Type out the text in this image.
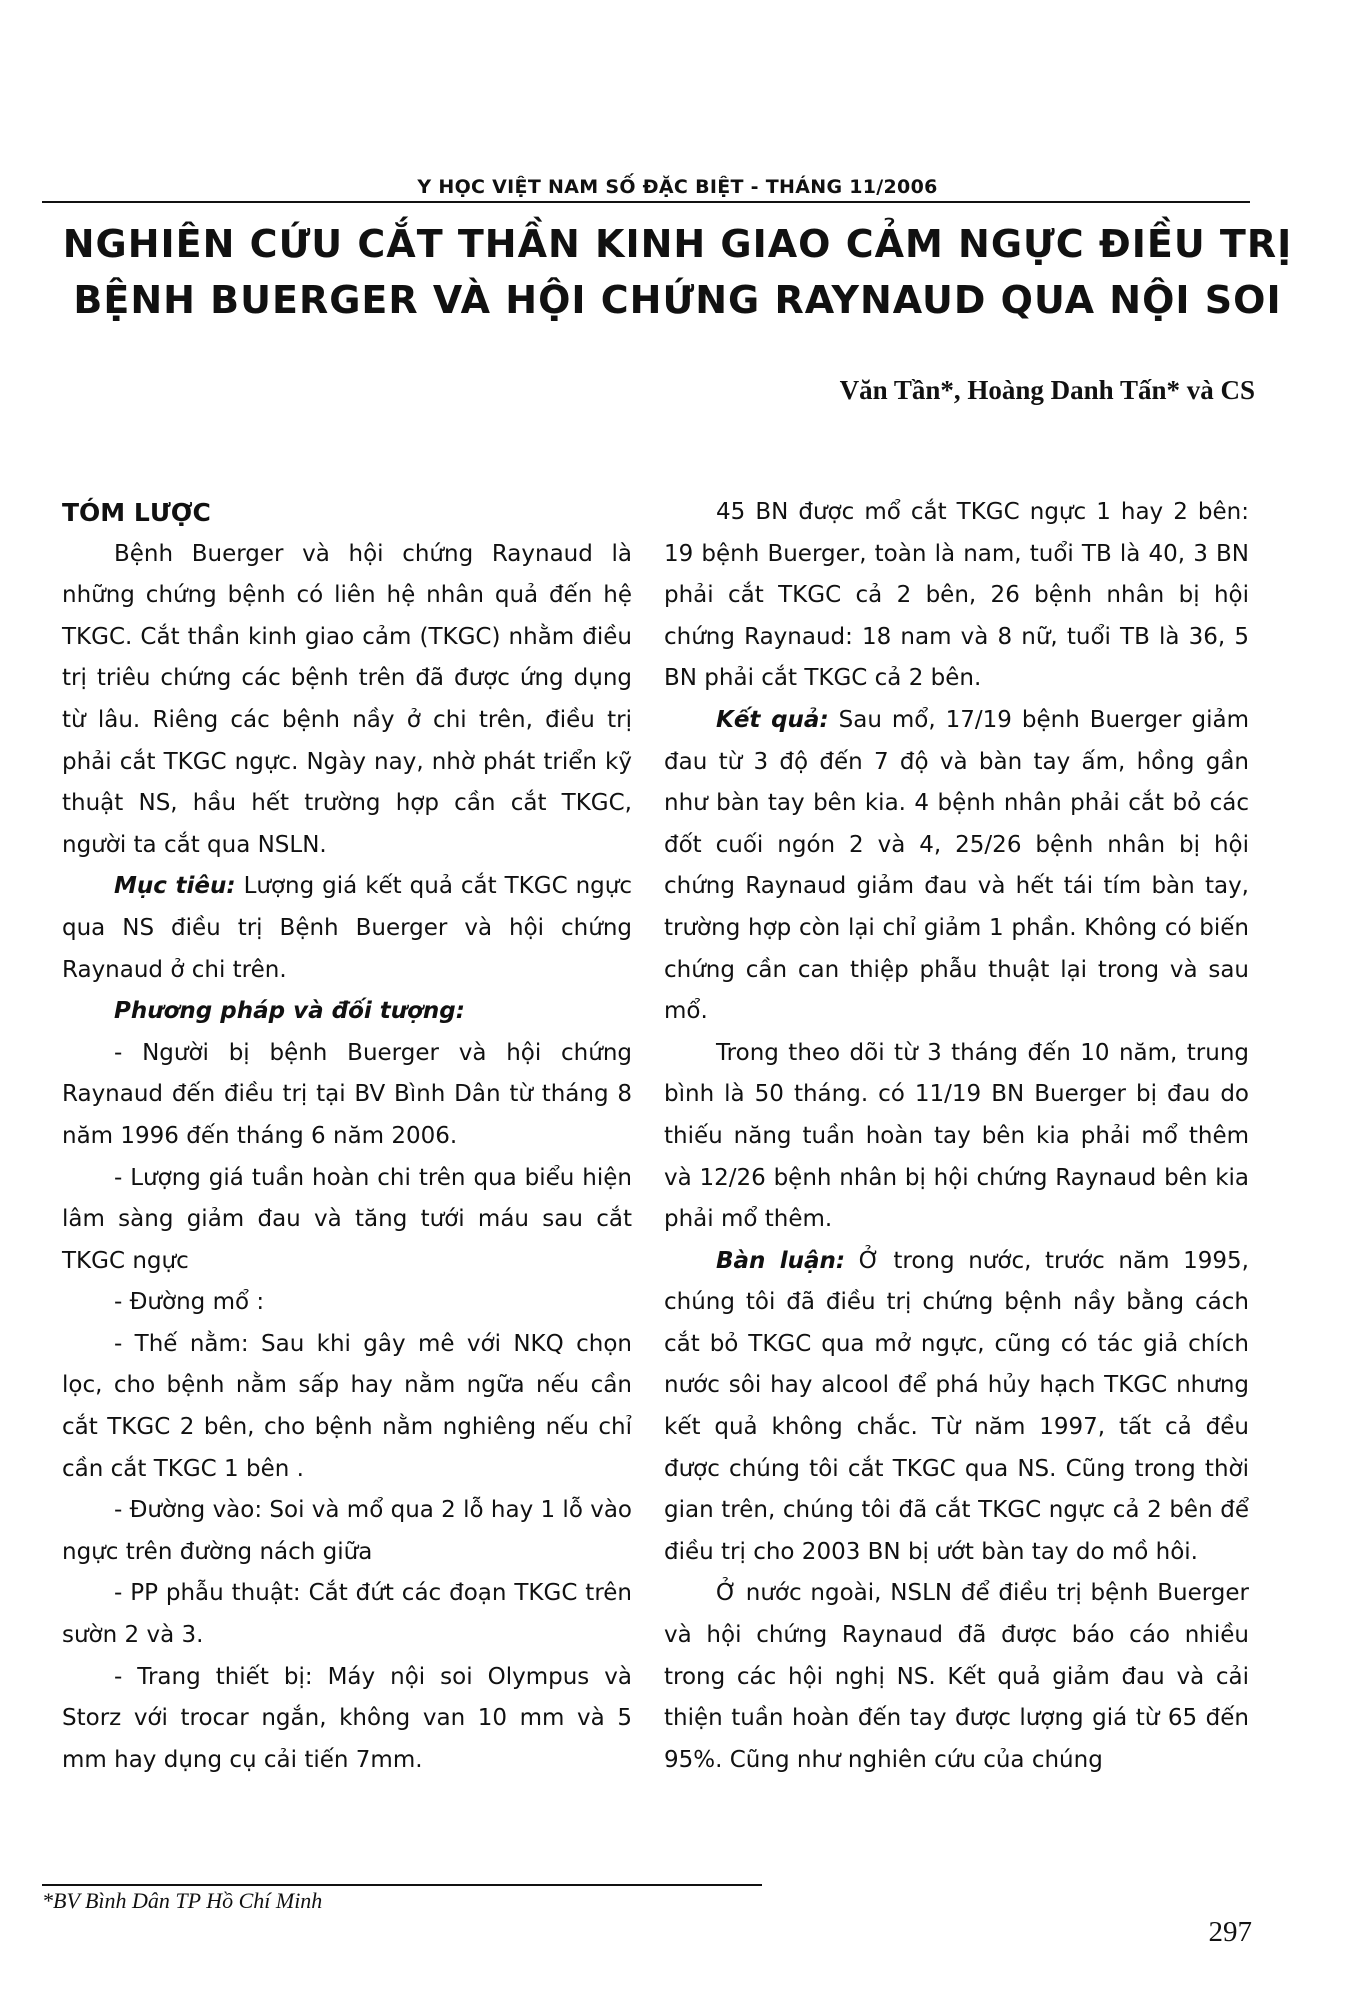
Y HỌC VIỆT NAM SỐ ĐẶC BIỆT - THÁNG 11/2006
NGHIÊN CỨU CẮT THẦN KINH GIAO CẢM NGỰC ĐIỀU TRỊ
BỆNH BUERGER VÀ HỘI CHỨNG RAYNAUD QUA NỘI SOI
Văn Tần*, Hoàng Danh Tấn* và CS

TÓM LƯỢC

Bệnh Buerger và hội chứng Raynaud là những chứng bệnh có liên hệ nhân quả đến hệ TKGC. Cắt thần kinh giao cảm (TKGC) nhằm điều trị triêu chứng các bệnh trên đã được ứng dụng từ lâu. Riêng các bệnh nầy ở chi trên, điều trị phải cắt TKGC ngực. Ngày nay, nhờ phát triển kỹ thuật NS, hầu hết trường hợp cần cắt TKGC, người ta cắt qua NSLN.

Mục tiêu: Lượng giá kết quả cắt TKGC ngực qua NS điều trị Bệnh Buerger và hội chứng Raynaud ở chi trên.

Phương pháp và đối tượng:

- Người bị bệnh Buerger và hội chứng Raynaud đến điều trị tại BV Bình Dân từ tháng 8 năm 1996 đến tháng 6 năm 2006.

- Lượng giá tuần hoàn chi trên qua biểu hiện lâm sàng giảm đau và tăng tưới máu sau cắt TKGC ngực

- Đường mổ :

- Thế nằm: Sau khi gây mê với NKQ chọn lọc, cho bệnh nằm sấp hay nằm ngữa nếu cần cắt TKGC 2 bên, cho bệnh nằm nghiêng nếu chỉ cần cắt TKGC 1 bên .

- Đường vào: Soi và mổ qua 2 lỗ hay 1 lỗ vào ngực trên đường nách giữa

- PP phẫu thuật: Cắt đứt các đoạn TKGC trên sườn 2 và 3.

- Trang thiết bị: Máy nội soi Olympus và Storz với trocar ngắn, không van 10 mm và 5 mm hay dụng cụ cải tiến 7mm.

45 BN được mổ cắt TKGC ngực 1 hay 2 bên: 19 bệnh Buerger, toàn là nam, tuổi TB là 40, 3 BN phải cắt TKGC cả 2 bên, 26 bệnh nhân bị hội chứng Raynaud: 18 nam và 8 nữ, tuổi TB là 36, 5 BN phải cắt TKGC cả 2 bên.

Kết quả: Sau mổ, 17/19 bệnh Buerger giảm đau từ 3 độ đến 7 độ và bàn tay ấm, hồng gần như bàn tay bên kia. 4 bệnh nhân phải cắt bỏ các đốt cuối ngón 2 và 4, 25/26 bệnh nhân bị hội chứng Raynaud giảm đau và hết tái tím bàn tay, trường hợp còn lại chỉ giảm 1 phần. Không có biến chứng cần can thiệp phẫu thuật lại trong và sau mổ.

Trong theo dõi từ 3 tháng đến 10 năm, trung bình là 50 tháng. có 11/19 BN Buerger bị đau do thiếu năng tuần hoàn tay bên kia phải mổ thêm và 12/26 bệnh nhân bị hội chứng Raynaud bên kia phải mổ thêm.

Bàn luận: Ở trong nước, trước năm 1995, chúng tôi đã điều trị chứng bệnh nầy bằng cách cắt bỏ TKGC qua mở ngực, cũng có tác giả chích nước sôi hay alcool để phá hủy hạch TKGC nhưng kết quả không chắc. Từ năm 1997, tất cả đều được chúng tôi cắt TKGC qua NS. Cũng trong thời gian trên, chúng tôi đã cắt TKGC ngực cả 2 bên để điều trị cho 2003 BN bị ướt bàn tay do mồ hôi.

Ở nước ngoài, NSLN để điều trị bệnh Buerger và hội chứng Raynaud đã được báo cáo nhiều trong các hội nghị NS. Kết quả giảm đau và cải thiện tuần hoàn đến tay được lượng giá từ 65 đến 95%. Cũng như nghiên cứu của chúng

*BV Bình Dân TP Hồ Chí Minh
297
